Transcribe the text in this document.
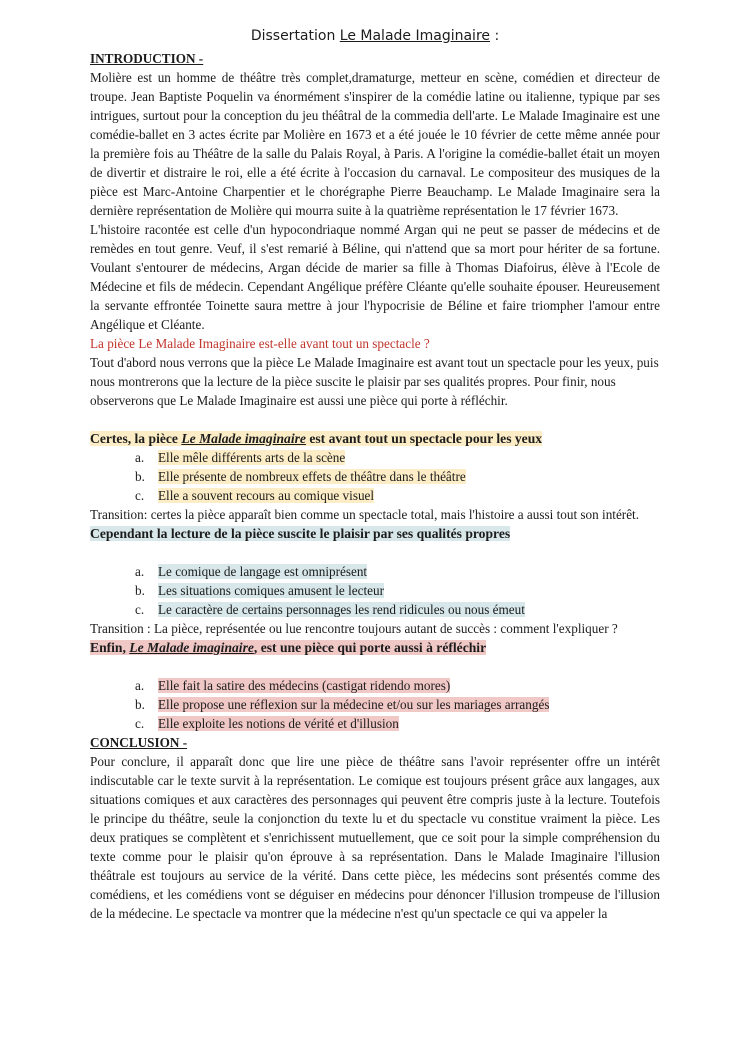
Dissertation Le Malade Imaginaire :
INTRODUCTION -

Molière est un homme de théâtre très complet,dramaturge, metteur en scène, comédien et directeur de troupe. Jean Baptiste Poquelin va énormément s'inspirer de la comédie latine ou italienne, typique par ses intrigues, surtout pour la conception du jeu théâtral de la commedia dell'arte. Le Malade Imaginaire est une comédie-ballet en 3 actes écrite par Molière en 1673 et a été jouée le 10 février de cette même année pour la première fois au Théâtre de la salle du Palais Royal, à Paris. A l'origine la comédie-ballet était un moyen de divertir et distraire le roi, elle a été écrite à l'occasion du carnaval. Le compositeur des musiques de la pièce est Marc-Antoine Charpentier et le chorégraphe Pierre Beauchamp. Le Malade Imaginaire sera la dernière représentation de Molière qui mourra suite à la quatrième représentation le 17 février 1673.

L'histoire racontée est celle d'un hypocondriaque nommé Argan qui ne peut se passer de médecins et de remèdes en tout genre. Veuf, il s'est remarié à Béline, qui n'attend que sa mort pour hériter de sa fortune. Voulant s'entourer de médecins, Argan décide de marier sa fille à Thomas Diafoirus, élève à l'Ecole de Médecine et fils de médecin. Cependant Angélique préfère Cléante qu'elle souhaite épouser. Heureusement la servante effrontée Toinette saura mettre à jour l'hypocrisie de Béline et faire triompher l'amour entre Angélique et Cléante.

La pièce Le Malade Imaginaire est-elle avant tout un spectacle ?

Tout d'abord nous verrons que la pièce Le Malade Imaginaire est avant tout un spectacle pour les yeux, puis nous montrerons que la lecture de la pièce suscite le plaisir par ses qualités propres. Pour finir, nous observerons que Le Malade Imaginaire est aussi une pièce qui porte à réfléchir.

Certes, la pièce Le Malade imaginaire est avant tout un spectacle pour les yeux
a. Elle mêle différents arts de la scène
b. Elle présente de nombreux effets de théâtre dans le théâtre
c. Elle a souvent recours au comique visuel

Transition: certes la pièce apparaît bien comme un spectacle total, mais l'histoire a aussi tout son intérêt.

Cependant la lecture de la pièce suscite le plaisir par ses qualités propres
a. Le comique de langage est omniprésent
b. Les situations comiques amusent le lecteur
c. Le caractère de certains personnages les rend ridicules ou nous émeut

Transition : La pièce, représentée ou lue rencontre toujours autant de succès : comment l'expliquer ?

Enfin, Le Malade imaginaire, est une pièce qui porte aussi à réfléchir
a. Elle fait la satire des médecins (castigat ridendo mores)
b. Elle propose une réflexion sur la médecine et/ou sur les mariages arrangés
c. Elle exploite les notions de vérité et d'illusion
CONCLUSION -

Pour conclure, il apparaît donc que lire une pièce de théâtre sans l'avoir représenter offre un intérêt indiscutable car le texte survit à la représentation. Le comique est toujours présent grâce aux langages, aux situations comiques et aux caractères des personnages qui peuvent être compris juste à la lecture. Toutefois le principe du théâtre, seule la conjonction du texte lu et du spectacle vu constitue vraiment la pièce. Les deux pratiques se complètent et s'enrichissent mutuellement, que ce soit pour la simple compréhension du texte comme pour le plaisir qu'on éprouve à sa représentation. Dans le Malade Imaginaire l'illusion théâtrale est toujours au service de la vérité. Dans cette pièce, les médecins sont présentés comme des comédiens, et les comédiens vont se déguiser en médecins pour dénoncer l'illusion trompeuse de l'illusion de la médecine. Le spectacle va montrer que la médecine n'est qu'un spectacle ce qui va appeler la
